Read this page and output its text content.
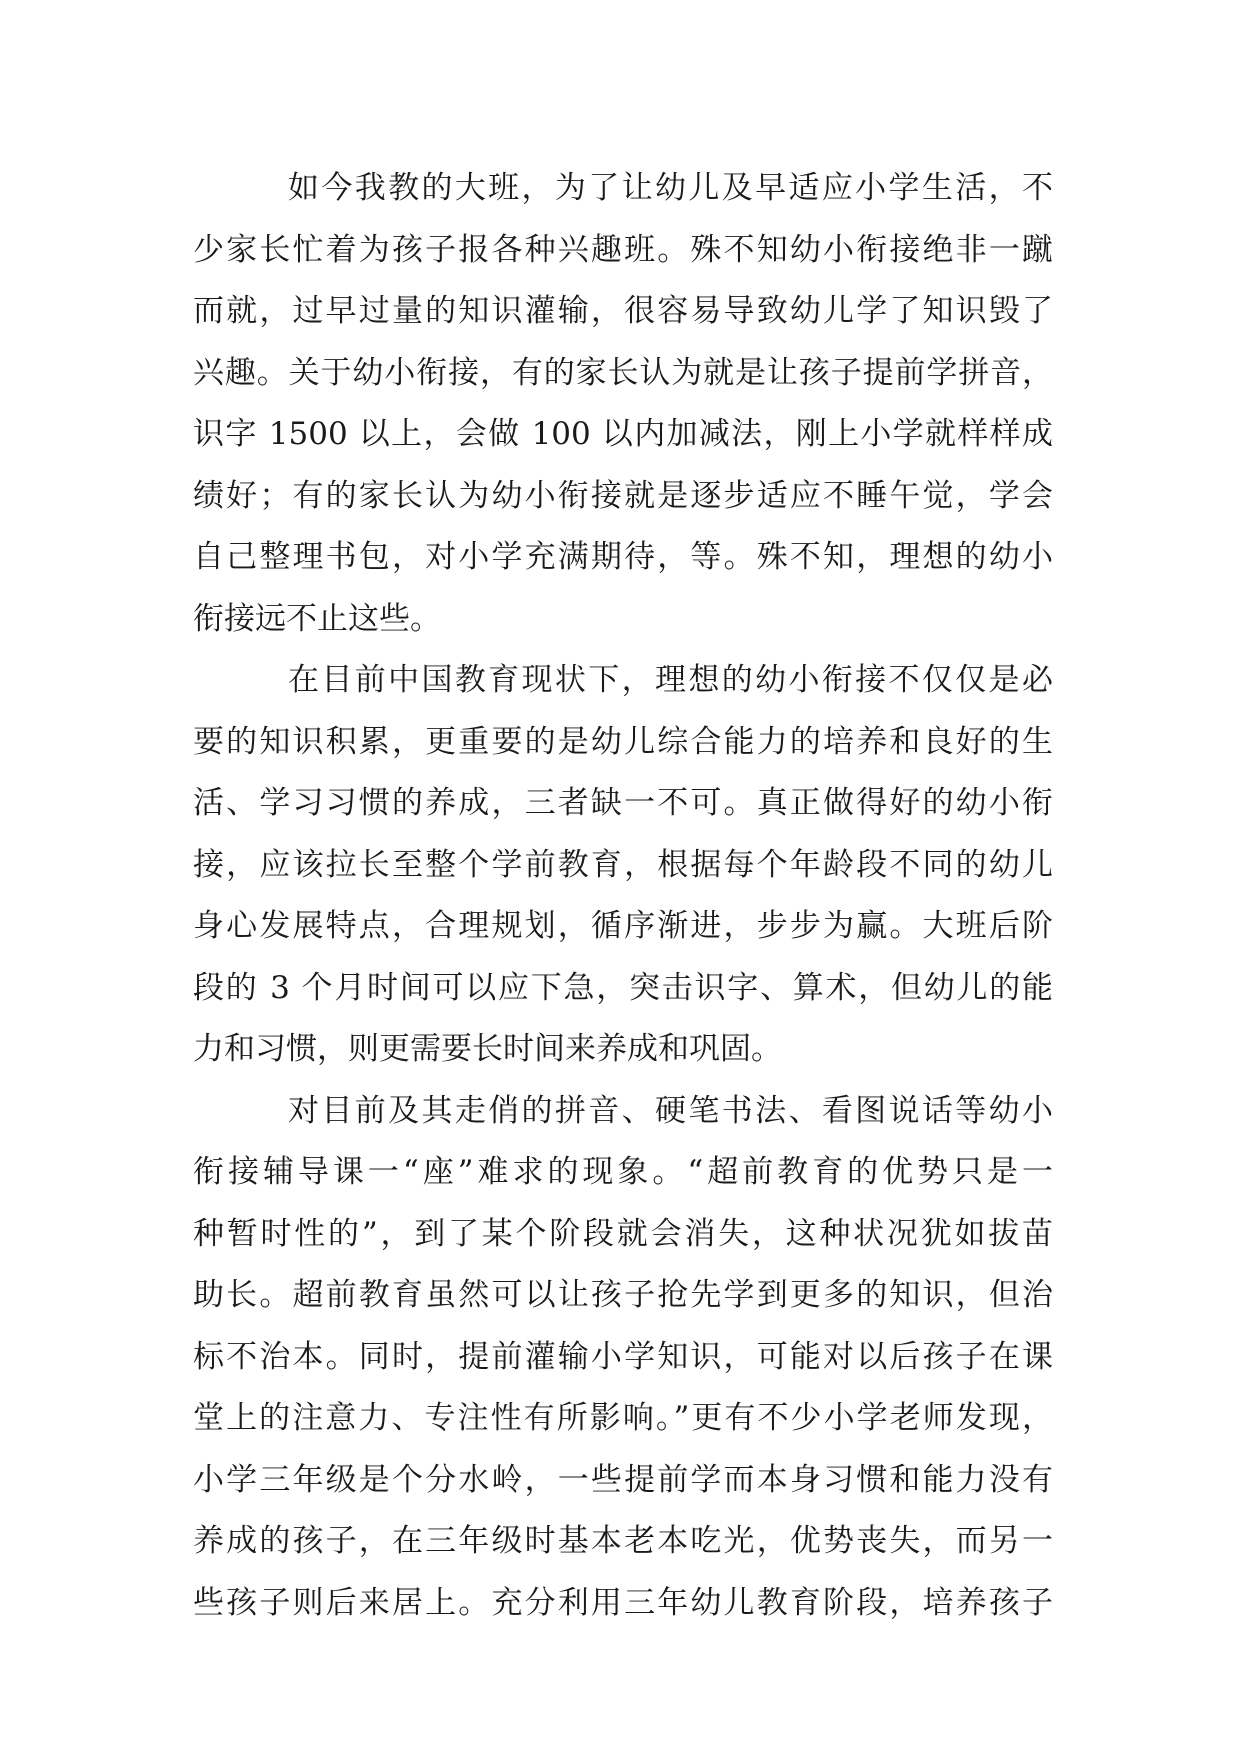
如今我教的大班，为了让幼儿及早适应小学生活，不
少家长忙着为孩子报各种兴趣班。殊不知幼小衔接绝非一蹴
而就，过早过量的知识灌输，很容易导致幼儿学了知识毁了
兴趣。关于幼小衔接，有的家长认为就是让孩子提前学拼音，
识字 1500 以上，会做 100 以内加减法，刚上小学就样样成
绩好；有的家长认为幼小衔接就是逐步适应不睡午觉，学会
自己整理书包，对小学充满期待，等。殊不知，理想的幼小
衔接远不止这些。
在目前中国教育现状下，理想的幼小衔接不仅仅是必
要的知识积累，更重要的是幼儿综合能力的培养和良好的生
活、学习习惯的养成，三者缺一不可。真正做得好的幼小衔
接，应该拉长至整个学前教育，根据每个年龄段不同的幼儿
身心发展特点，合理规划，循序渐进，步步为赢。大班后阶
段的 3 个月时间可以应下急，突击识字、算术，但幼儿的能
力和习惯，则更需要长时间来养成和巩固。
对目前及其走俏的拼音、硬笔书法、看图说话等幼小
衔接辅导课一“座”难求的现象。“超前教育的优势只是一
种暂时性的”，到了某个阶段就会消失，这种状况犹如拔苗
助长。超前教育虽然可以让孩子抢先学到更多的知识，但治
标不治本。同时，提前灌输小学知识，可能对以后孩子在课
堂上的注意力、专注性有所影响。”更有不少小学老师发现，
小学三年级是个分水岭，一些提前学而本身习惯和能力没有
养成的孩子，在三年级时基本老本吃光，优势丧失，而另一
些孩子则后来居上。充分利用三年幼儿教育阶段，培养孩子
